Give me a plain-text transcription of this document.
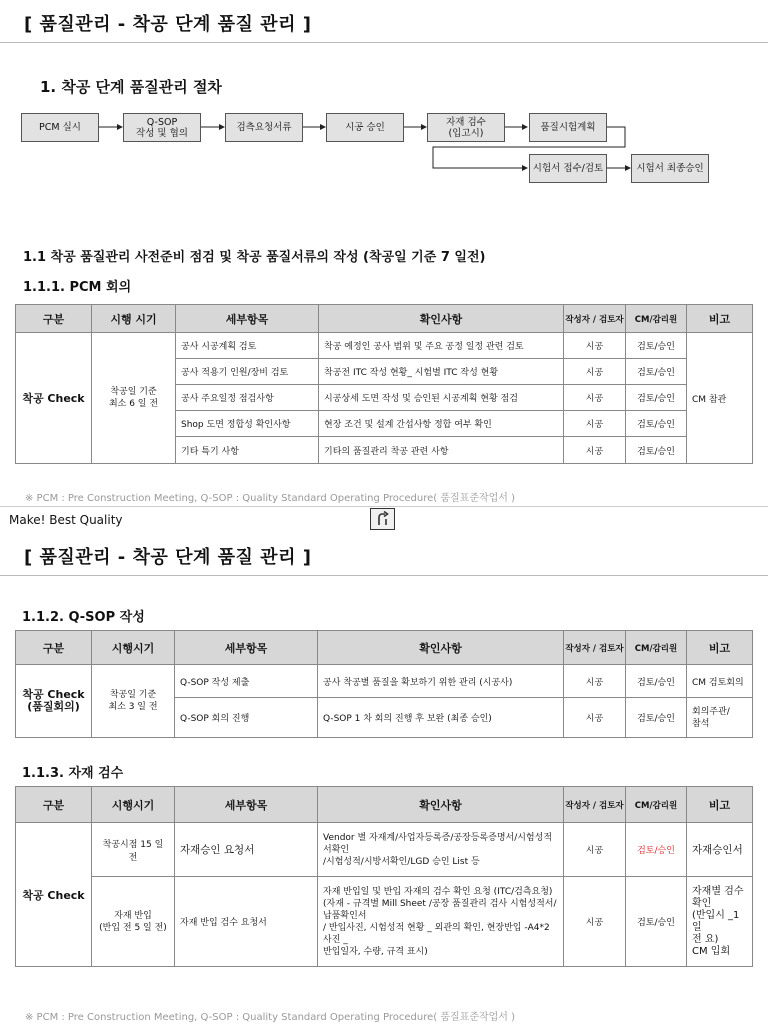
[ 품질관리 - 착공 단계 품질 관리 ]
1. 착공 단계 품질관리 절차
PCM 실시	Q-SOP
작성 및 협의	검측요청서류	시공 승인	자재 검수
(입고시)	품질시험계획
시험서 접수/검토	시험서 최종승인
1.1 착공 품질관리 사전준비 점검 및 착공 품질서류의 작성 (착공일 기준 7 일전)
1.1.1. PCM 회의
구분	시행 시기	세부항목	확인사항	작성자 / 검토자	CM/감리원	비고
착공 Check	착공일 기준
최소 6 일 전	공사 시공계획 검토	착공 예정인 공사 범위 및 주요 공정 일정 관련 검토	시공	검토/승인	CM 참관
		공사 적용기 인원/장비 검토	착공전 ITC 작성 현황_ 시험별 ITC 작성 현황	시공	검토/승인	
		공사 주요일정 점검사항	시공상세 도면 작성 및 승인된 시공계획 현황 점검	시공	검토/승인	
		Shop 도면 정합성 확인사항	현장 조건 및 설계 간섭사항 정합 여부 확인	시공	검토/승인	
		기타 특기 사항	기타의 품질관리 착공 관련 사항	시공	검토/승인	
※ PCM : Pre Construction Meeting, Q-SOP : Quality Standard Operating Procedure( 품질표준작업서 )
Make! Best Quality
[ 품질관리 - 착공 단계 품질 관리 ]
1.1.2. Q-SOP 작성
구분	시행시기	세부항목	확인사항	작성자 / 검토자	CM/감리원	비고
착공 Check
(품질회의)	착공일 기준
최소 3 일 전	Q-SOP 작성 제출	공사 착공별 품질을 확보하기 위한 관리 (시공사)	시공	검토/승인	CM 검토회의
		Q-SOP 회의 진행	Q-SOP 1 차 회의 진행 후 보완 (최종 승인)	시공	검토/승인	회의주관/
참석
1.1.3. 자재 검수
구분	시행시기	세부항목	확인사항	작성자 / 검토자	CM/감리원	비고
착공 Check	착공시점 15 일 전	자재승인 요청서	Vendor 별 자재계/사업자등록증/공장등록증명서/시험성적서확인
/시험성적/시방서확인/LGD 승인 List 등	시공	검토/승인	자재승인서
	자재 반입
(반입 전 5 일 전)	자재 반입 검수 요청서	자재 반입일 및 반입 자재의 검수 확인 요청 (ITC/검측요청)
(자재 - 규격별 Mill Sheet /공장 품질관리 검사 시험성적서/납품확인서
/ 반입사진, 시험성적 현황 _ 외관의 확인, 현장반입 -A4*2 사진 _
반입일자, 수량, 규격 표시)	시공	검토/승인	자재별 검수확인
(반입시 _1 일
전 요)
CM 입회
※ PCM : Pre Construction Meeting, Q-SOP : Quality Standard Operating Procedure( 품질표준작업서 )
